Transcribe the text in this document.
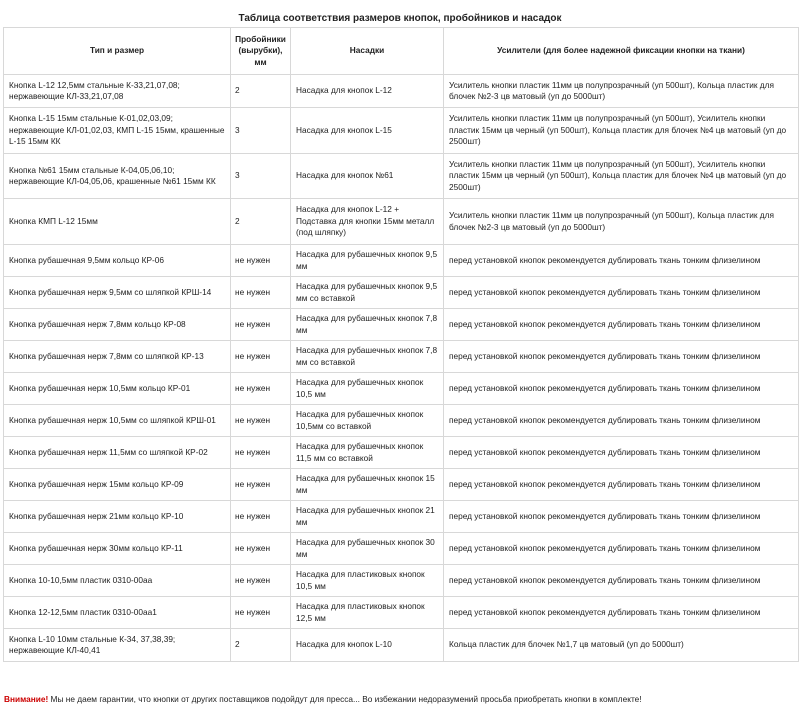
Таблица соответствия размеров кнопок, пробойников и насадок
Тип и размер	Пробойники (вырубки), мм	Насадки	Усилители (для более надежной фиксации кнопки на ткани)
Кнопка L-12 12,5мм стальные К-33,21,07,08; нержавеющие КЛ-33,21,07,08	2	Насадка для кнопок L-12	Усилитель кнопки пластик 11мм цв полупрозрачный (уп 500шт), Кольца пластик для блочек №2-3 цв матовый (уп до 5000шт)
Кнопка L-15 15мм стальные К-01,02,03,09; нержавеющие КЛ-01,02,03, КМП L-15 15мм, крашенные L-15 15мм КК	3	Насадка для кнопок L-15	Усилитель кнопки пластик 11мм цв полупрозрачный (уп 500шт), Усилитель кнопки пластик 15мм цв черный (уп 500шт), Кольца пластик для блочек №4 цв матовый (уп до 2500шт)
Кнопка №61 15мм стальные К-04,05,06,10; нержавеющие КЛ-04,05,06, крашенные №61 15мм КК	3	Насадка для кнопок №61	Усилитель кнопки пластик 11мм цв полупрозрачный (уп 500шт), Усилитель кнопки пластик 15мм цв черный (уп 500шт), Кольца пластик для блочек №4 цв матовый (уп до 2500шт)
Кнопка КМП L-12 15мм	2	Насадка для кнопок L-12 + Подставка для кнопки 15мм металл (под шляпку)	Усилитель кнопки пластик 11мм цв полупрозрачный (уп 500шт), Кольца пластик для блочек №2-3 цв матовый (уп до 5000шт)
Кнопка рубашечная 9,5мм кольцо КР-06	не нужен	Насадка для рубашечных кнопок 9,5 мм	перед установкой кнопок рекомендуется дублировать ткань тонким флизелином
Кнопка рубашечная нерж 9,5мм со шляпкой КРШ-14	не нужен	Насадка для рубашечных кнопок 9,5 мм со вставкой	перед установкой кнопок рекомендуется дублировать ткань тонким флизелином
Кнопка рубашечная нерж 7,8мм кольцо КР-08	не нужен	Насадка для рубашечных кнопок 7,8 мм	перед установкой кнопок рекомендуется дублировать ткань тонким флизелином
Кнопка рубашечная нерж 7,8мм со шляпкой КР-13	не нужен	Насадка для рубашечных кнопок 7,8 мм со вставкой	перед установкой кнопок рекомендуется дублировать ткань тонким флизелином
Кнопка рубашечная нерж 10,5мм кольцо КР-01	не нужен	Насадка для рубашечных кнопок 10,5 мм	перед установкой кнопок рекомендуется дублировать ткань тонким флизелином
Кнопка рубашечная нерж 10,5мм со шляпкой КРШ-01	не нужен	Насадка для рубашечных кнопок 10,5мм со вставкой	перед установкой кнопок рекомендуется дублировать ткань тонким флизелином
Кнопка рубашечная нерж 11,5мм со шляпкой КР-02	не нужен	Насадка для рубашечных кнопок 11,5 мм со вставкой	перед установкой кнопок рекомендуется дублировать ткань тонким флизелином
Кнопка рубашечная нерж 15мм кольцо КР-09	не нужен	Насадка для рубашечных кнопок 15 мм	перед установкой кнопок рекомендуется дублировать ткань тонким флизелином
Кнопка рубашечная нерж 21мм кольцо КР-10	не нужен	Насадка для рубашечных кнопок 21 мм	перед установкой кнопок рекомендуется дублировать ткань тонким флизелином
Кнопка рубашечная нерж 30мм кольцо КР-11	не нужен	Насадка для рубашечных кнопок 30 мм	перед установкой кнопок рекомендуется дублировать ткань тонким флизелином
Кнопка 10-10,5мм пластик 0310-00аа	не нужен	Насадка для пластиковых кнопок 10,5 мм	перед установкой кнопок рекомендуется дублировать ткань тонким флизелином
Кнопка 12-12,5мм пластик 0310-00аа1	не нужен	Насадка для пластиковых кнопок 12,5 мм	перед установкой кнопок рекомендуется дублировать ткань тонким флизелином
Кнопка L-10 10мм стальные К-34, 37,38,39; нержавеющие КЛ-40,41	2	Насадка для кнопок L-10	Кольца пластик для блочек №1,7 цв матовый (уп до 5000шт)
Внимание! Мы не даем гарантии, что кнопки от других поставщиков подойдут для пресса... Во избежании недоразумений просьба приобретать кнопки в комплекте!
